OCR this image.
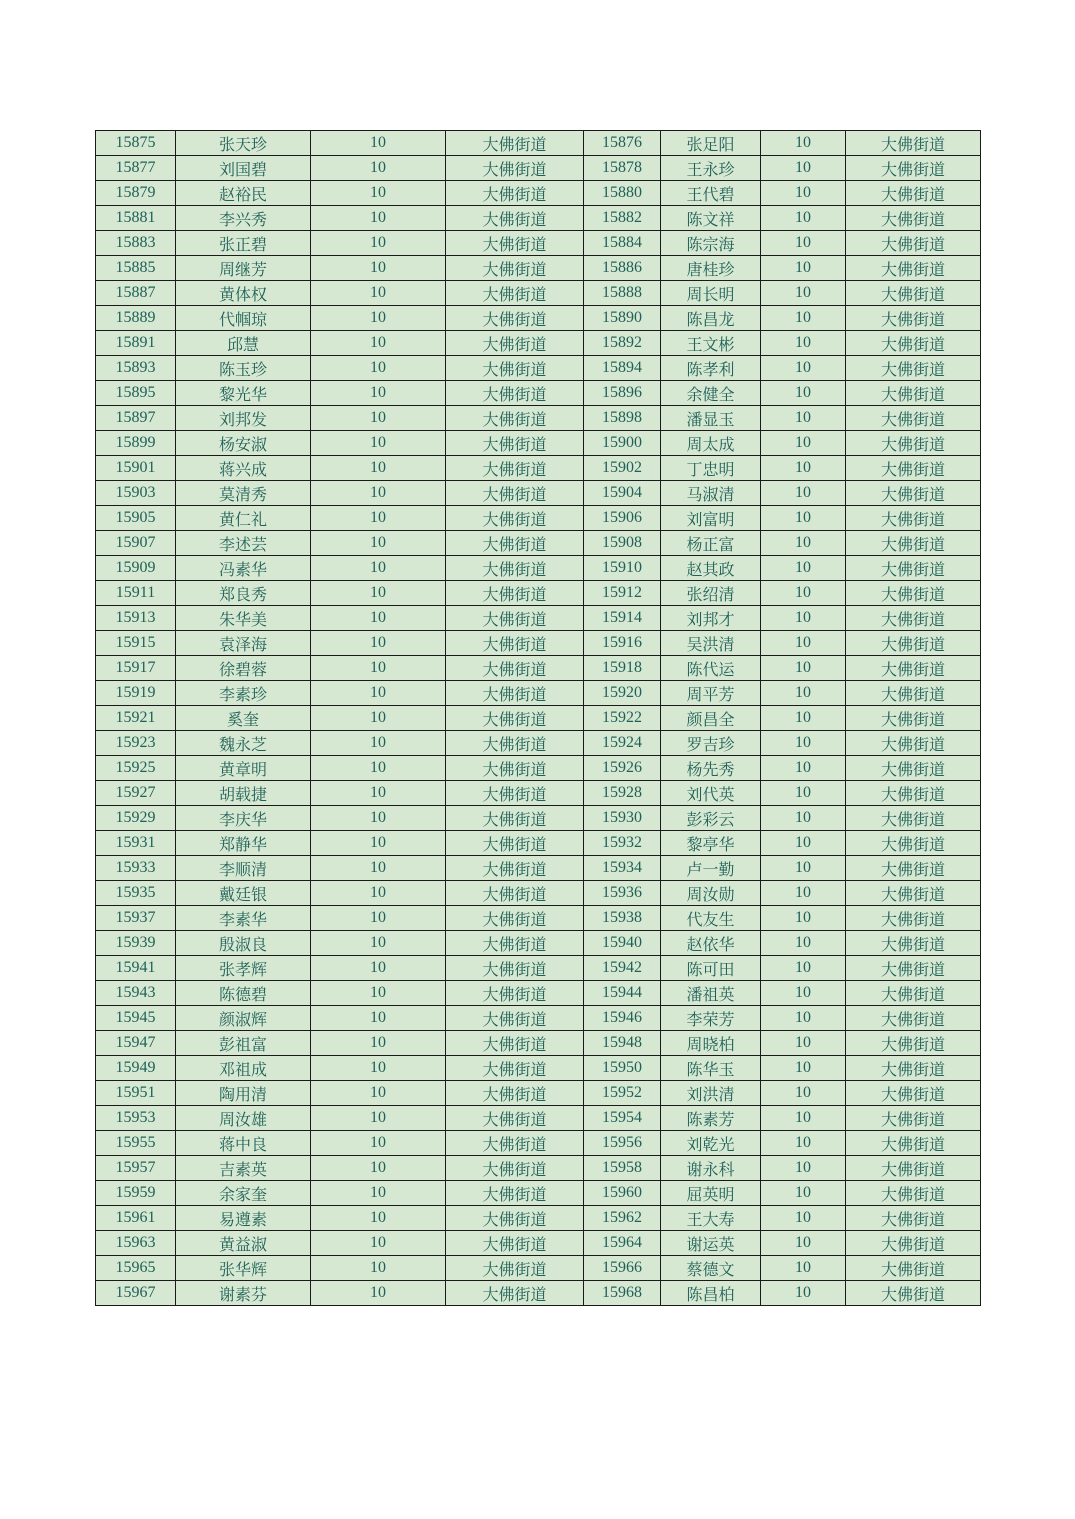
15875	张天珍	10	大佛街道	15876	张足阳	10	大佛街道
15877	刘国碧	10	大佛街道	15878	王永珍	10	大佛街道
15879	赵裕民	10	大佛街道	15880	王代碧	10	大佛街道
15881	李兴秀	10	大佛街道	15882	陈文祥	10	大佛街道
15883	张正碧	10	大佛街道	15884	陈宗海	10	大佛街道
15885	周继芳	10	大佛街道	15886	唐桂珍	10	大佛街道
15887	黄体权	10	大佛街道	15888	周长明	10	大佛街道
15889	代帼琼	10	大佛街道	15890	陈昌龙	10	大佛街道
15891	邱慧	10	大佛街道	15892	王文彬	10	大佛街道
15893	陈玉珍	10	大佛街道	15894	陈孝利	10	大佛街道
15895	黎光华	10	大佛街道	15896	余健全	10	大佛街道
15897	刘邦发	10	大佛街道	15898	潘显玉	10	大佛街道
15899	杨安淑	10	大佛街道	15900	周太成	10	大佛街道
15901	蒋兴成	10	大佛街道	15902	丁忠明	10	大佛街道
15903	莫清秀	10	大佛街道	15904	马淑清	10	大佛街道
15905	黄仁礼	10	大佛街道	15906	刘富明	10	大佛街道
15907	李述芸	10	大佛街道	15908	杨正富	10	大佛街道
15909	冯素华	10	大佛街道	15910	赵其政	10	大佛街道
15911	郑良秀	10	大佛街道	15912	张绍清	10	大佛街道
15913	朱华美	10	大佛街道	15914	刘邦才	10	大佛街道
15915	袁泽海	10	大佛街道	15916	吴洪清	10	大佛街道
15917	徐碧蓉	10	大佛街道	15918	陈代运	10	大佛街道
15919	李素珍	10	大佛街道	15920	周平芳	10	大佛街道
15921	奚奎	10	大佛街道	15922	颜昌全	10	大佛街道
15923	魏永芝	10	大佛街道	15924	罗吉珍	10	大佛街道
15925	黄章明	10	大佛街道	15926	杨先秀	10	大佛街道
15927	胡载捷	10	大佛街道	15928	刘代英	10	大佛街道
15929	李庆华	10	大佛街道	15930	彭彩云	10	大佛街道
15931	郑静华	10	大佛街道	15932	黎亭华	10	大佛街道
15933	李顺清	10	大佛街道	15934	卢一勤	10	大佛街道
15935	戴廷银	10	大佛街道	15936	周汝勋	10	大佛街道
15937	李素华	10	大佛街道	15938	代友生	10	大佛街道
15939	殷淑良	10	大佛街道	15940	赵依华	10	大佛街道
15941	张孝辉	10	大佛街道	15942	陈可田	10	大佛街道
15943	陈德碧	10	大佛街道	15944	潘祖英	10	大佛街道
15945	颜淑辉	10	大佛街道	15946	李荣芳	10	大佛街道
15947	彭祖富	10	大佛街道	15948	周晓柏	10	大佛街道
15949	邓祖成	10	大佛街道	15950	陈华玉	10	大佛街道
15951	陶用清	10	大佛街道	15952	刘洪清	10	大佛街道
15953	周汝雄	10	大佛街道	15954	陈素芳	10	大佛街道
15955	蒋中良	10	大佛街道	15956	刘乾光	10	大佛街道
15957	吉素英	10	大佛街道	15958	谢永科	10	大佛街道
15959	余家奎	10	大佛街道	15960	屈英明	10	大佛街道
15961	易遵素	10	大佛街道	15962	王大寿	10	大佛街道
15963	黄益淑	10	大佛街道	15964	谢运英	10	大佛街道
15965	张华辉	10	大佛街道	15966	蔡德文	10	大佛街道
15967	谢素芬	10	大佛街道	15968	陈昌柏	10	大佛街道
